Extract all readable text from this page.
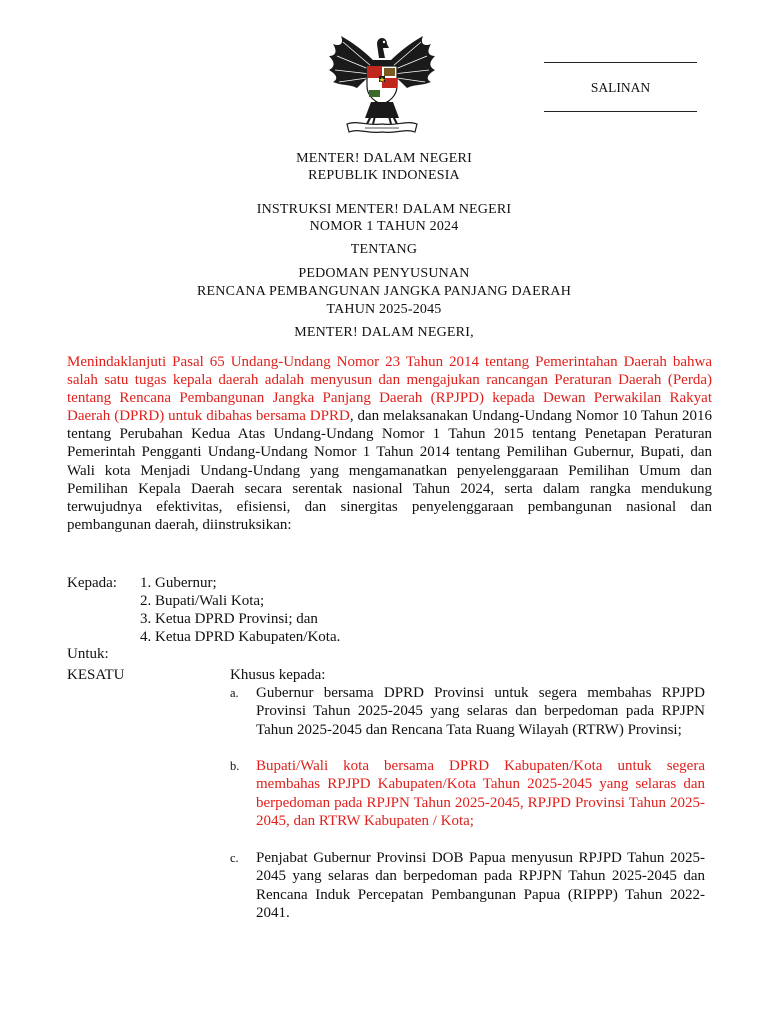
SALINAN
MENTER! DALAM NEGERI
REPUBLIK INDONESIA
INSTRUKSI MENTER! DALAM NEGERI
NOMOR 1 TAHUN 2024
TENTANG
PEDOMAN PENYUSUNAN
RENCANA PEMBANGUNAN JANGKA PANJANG DAERAH
TAHUN 2025-2045
MENTER! DALAM NEGERI,
Menindaklanjuti Pasal 65 Undang-Undang Nomor 23 Tahun 2014 tentang Pemerintahan Daerah bahwa salah satu tugas kepala daerah adalah menyusun dan mengajukan rancangan Peraturan Daerah (Perda) tentang Rencana Pembangunan Jangka Panjang Daerah (RPJPD) kepada Dewan Perwakilan Rakyat Daerah (DPRD) untuk dibahas bersama DPRD, dan melaksanakan Undang-Undang Nomor 10 Tahun 2016 tentang Perubahan Kedua Atas Undang-Undang Nomor 1 Tahun 2015 tentang Penetapan Peraturan Pemerintah Pengganti Undang-Undang Nomor 1 Tahun 2014 tentang Pemilihan Gubernur, Bupati, dan Wali kota Menjadi Undang-Undang yang mengamanatkan penyelenggaraan Pemilihan Umum dan Pemilihan Kepala Daerah secara serentak nasional Tahun 2024, serta dalam rangka mendukung terwujudnya efektivitas, efisiensi, dan sinergitas penyelenggaraan pembangunan nasional dan pembangunan daerah, diinstruksikan:
Kepada: 1. Gubernur;
2. Bupati/Wali Kota;
3. Ketua DPRD Provinsi; dan
4. Ketua DPRD Kabupaten/Kota.
Untuk:
KESATU	Khusus kepada:
a. Gubernur bersama DPRD Provinsi untuk segera membahas RPJPD Provinsi Tahun 2025-2045 yang selaras dan berpedoman pada RPJPN Tahun 2025-2045 dan Rencana Tata Ruang Wilayah (RTRW) Provinsi;
b. Bupati/Wali kota bersama DPRD Kabupaten/Kota untuk segera membahas RPJPD Kabupaten/Kota Tahun 2025-2045 yang selaras dan berpedoman pada RPJPN Tahun 2025-2045, RPJPD Provinsi Tahun 2025-2045, dan RTRW Kabupaten / Kota;
c. Penjabat Gubernur Provinsi DOB Papua menyusun RPJPD Tahun 2025-2045 yang selaras dan berpedoman pada RPJPN Tahun 2025-2045 dan Rencana Induk Percepatan Pembangunan Papua (RIPPP) Tahun 2022-2041.
